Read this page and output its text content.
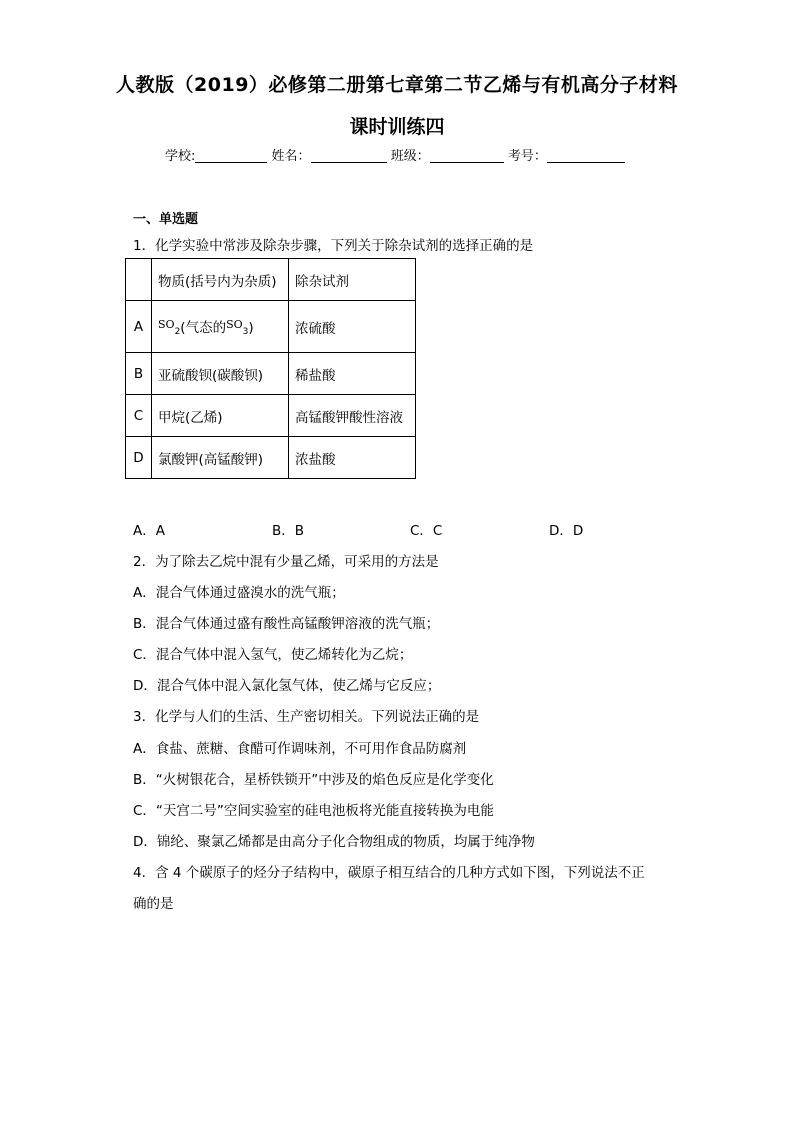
人教版（2019）必修第二册第七章第二节乙烯与有机高分子材料
课时训练四
学校:	姓名：	班级：	考号：
一、单选题
1．化学实验中常涉及除杂步骤，下列关于除杂试剂的选择正确的是
	物质(括号内为杂质)	除杂试剂
A	$^{SO}_2$(气态的$^{SO}_3$)	浓硫酸
B	亚硫酸钡(碳酸钡)	稀盐酸
C	甲烷(乙烯)	高锰酸钾酸性溶液
D	氯酸钾(高锰酸钾)	浓盐酸
A．A	B．B	C．C	D．D
2．为了除去乙烷中混有少量乙烯，可采用的方法是
A．混合气体通过盛溴水的洗气瓶；
B．混合气体通过盛有酸性高锰酸钾溶液的洗气瓶；
C．混合气体中混入氢气，使乙烯转化为乙烷；
D．混合气体中混入氯化氢气体，使乙烯与它反应；
3．化学与人们的生活、生产密切相关。下列说法正确的是
A．食盐、蔗糖、食醋可作调味剂，不可用作食品防腐剂
B．“火树银花合，星桥铁锁开”中涉及的焰色反应是化学变化
C．“天宫二号”空间实验室的硅电池板将光能直接转换为电能
D．锦纶、聚氯乙烯都是由高分子化合物组成的物质，均属于纯净物
4．含 4 个碳原子的烃分子结构中，碳原子相互结合的几种方式如下图，下列说法不正
确的是
